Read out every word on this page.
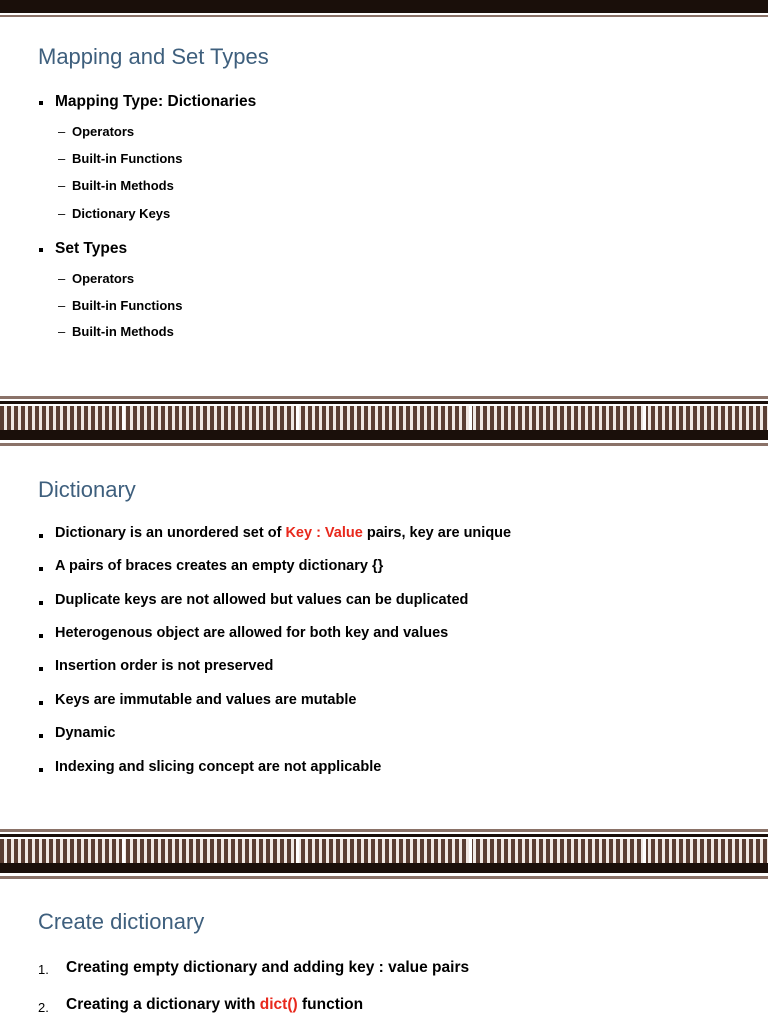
Mapping and Set Types
Mapping Type: Dictionaries
– Operators
– Built-in Functions
– Built-in Methods
– Dictionary Keys
Set Types
– Operators
– Built-in Functions
– Built-in Methods
Dictionary
Dictionary is an unordered set of Key : Value pairs, key are unique
A pairs of braces creates an empty dictionary {}
Duplicate keys are not allowed but values can be duplicated
Heterogenous object are allowed for both key and values
Insertion order is not preserved
Keys are immutable and values are mutable
Dynamic
Indexing and slicing concept are not applicable
Create dictionary
1. Creating empty dictionary and adding key : value pairs
2. Creating a dictionary with dict() function
